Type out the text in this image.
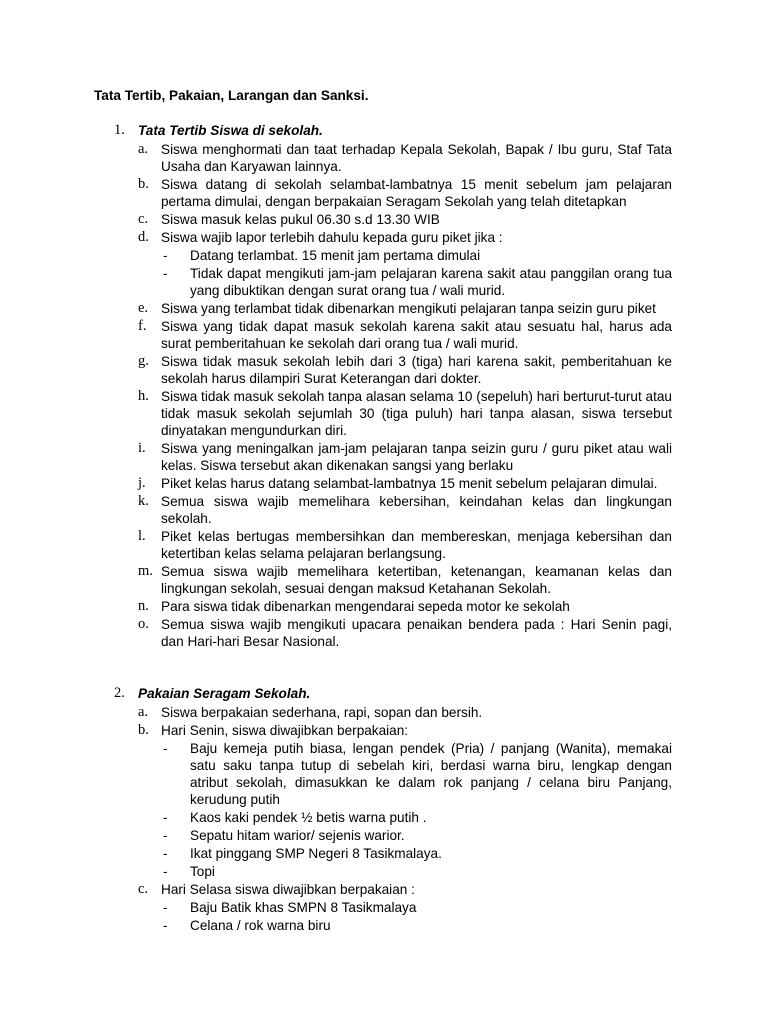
Tata Tertib, Pakaian, Larangan dan Sanksi.
1. Tata Tertib Siswa di sekolah.
a. Siswa menghormati dan taat terhadap Kepala Sekolah, Bapak / Ibu guru, Staf Tata Usaha dan Karyawan lainnya.
b. Siswa datang di sekolah selambat-lambatnya 15 menit sebelum jam pelajaran pertama dimulai, dengan berpakaian Seragam Sekolah yang telah ditetapkan
c. Siswa masuk kelas pukul 06.30 s.d 13.30 WIB
d. Siswa wajib lapor terlebih dahulu kepada guru piket jika :
- Datang terlambat. 15 menit jam pertama dimulai
- Tidak dapat mengikuti jam-jam pelajaran karena sakit atau panggilan orang tua yang dibuktikan dengan surat orang tua / wali murid.
e. Siswa yang terlambat tidak dibenarkan mengikuti pelajaran tanpa seizin guru piket
f. Siswa yang tidak dapat masuk sekolah karena sakit atau sesuatu hal, harus ada surat pemberitahuan ke sekolah dari orang tua / wali murid.
g. Siswa tidak masuk sekolah lebih dari 3 (tiga) hari karena sakit, pemberitahuan ke sekolah harus dilampiri Surat Keterangan dari dokter.
h. Siswa tidak masuk sekolah tanpa alasan selama 10 (sepeluh) hari berturut-turut atau tidak masuk sekolah sejumlah 30 (tiga puluh) hari tanpa alasan, siswa tersebut dinyatakan mengundurkan diri.
i. Siswa yang meningalkan jam-jam pelajaran tanpa seizin guru / guru piket atau wali kelas. Siswa tersebut akan dikenakan sangsi yang berlaku
j. Piket kelas harus datang selambat-lambatnya 15 menit sebelum pelajaran dimulai.
k. Semua siswa wajib memelihara kebersihan, keindahan kelas dan lingkungan sekolah.
l. Piket kelas bertugas membersihkan dan membereskan, menjaga kebersihan dan ketertiban kelas selama pelajaran berlangsung.
m. Semua siswa wajib memelihara ketertiban, ketenangan, keamanan kelas dan lingkungan sekolah, sesuai dengan maksud Ketahanan Sekolah.
n. Para siswa tidak dibenarkan mengendarai sepeda motor ke sekolah
o. Semua siswa wajib mengikuti upacara penaikan bendera pada : Hari Senin pagi, dan Hari-hari Besar Nasional.
2. Pakaian Seragam Sekolah.
a. Siswa berpakaian sederhana, rapi, sopan dan bersih.
b. Hari Senin, siswa diwajibkan berpakaian:
- Baju kemeja putih biasa, lengan pendek (Pria) / panjang (Wanita), memakai satu saku tanpa tutup di sebelah kiri, berdasi warna biru, lengkap dengan atribut sekolah, dimasukkan ke dalam rok panjang / celana biru Panjang, kerudung putih
- Kaos kaki pendek ½ betis warna putih .
- Sepatu hitam warior/ sejenis warior.
- Ikat pinggang SMP Negeri 8 Tasikmalaya.
- Topi
c. Hari Selasa siswa diwajibkan berpakaian :
- Baju Batik khas SMPN 8 Tasikmalaya
- Celana / rok warna biru
